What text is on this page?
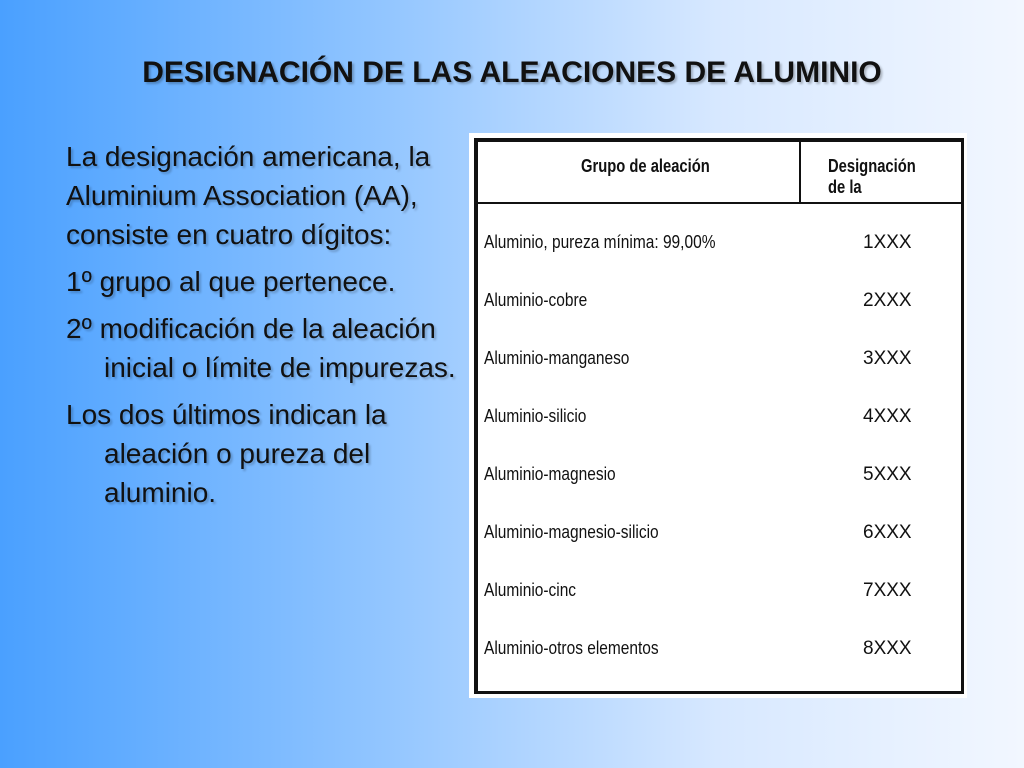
DESIGNACIÓN DE LAS ALEACIONES DE ALUMINIO

La designación americana, la Aluminium Association (AA), consiste en cuatro dígitos:

1º grupo al que pertenece.

2º modificación de la aleación inicial o límite de impurezas.

Los dos últimos indican la aleación o pureza del aluminio.

Grupo de aleación	Designación de la
Aluminio, pureza mínima: 99,00%	1XXX
Aluminio-cobre	2XXX
Aluminio-manganeso	3XXX
Aluminio-silicio	4XXX
Aluminio-magnesio	5XXX
Aluminio-magnesio-silicio	6XXX
Aluminio-cinc	7XXX
Aluminio-otros elementos	8XXX
